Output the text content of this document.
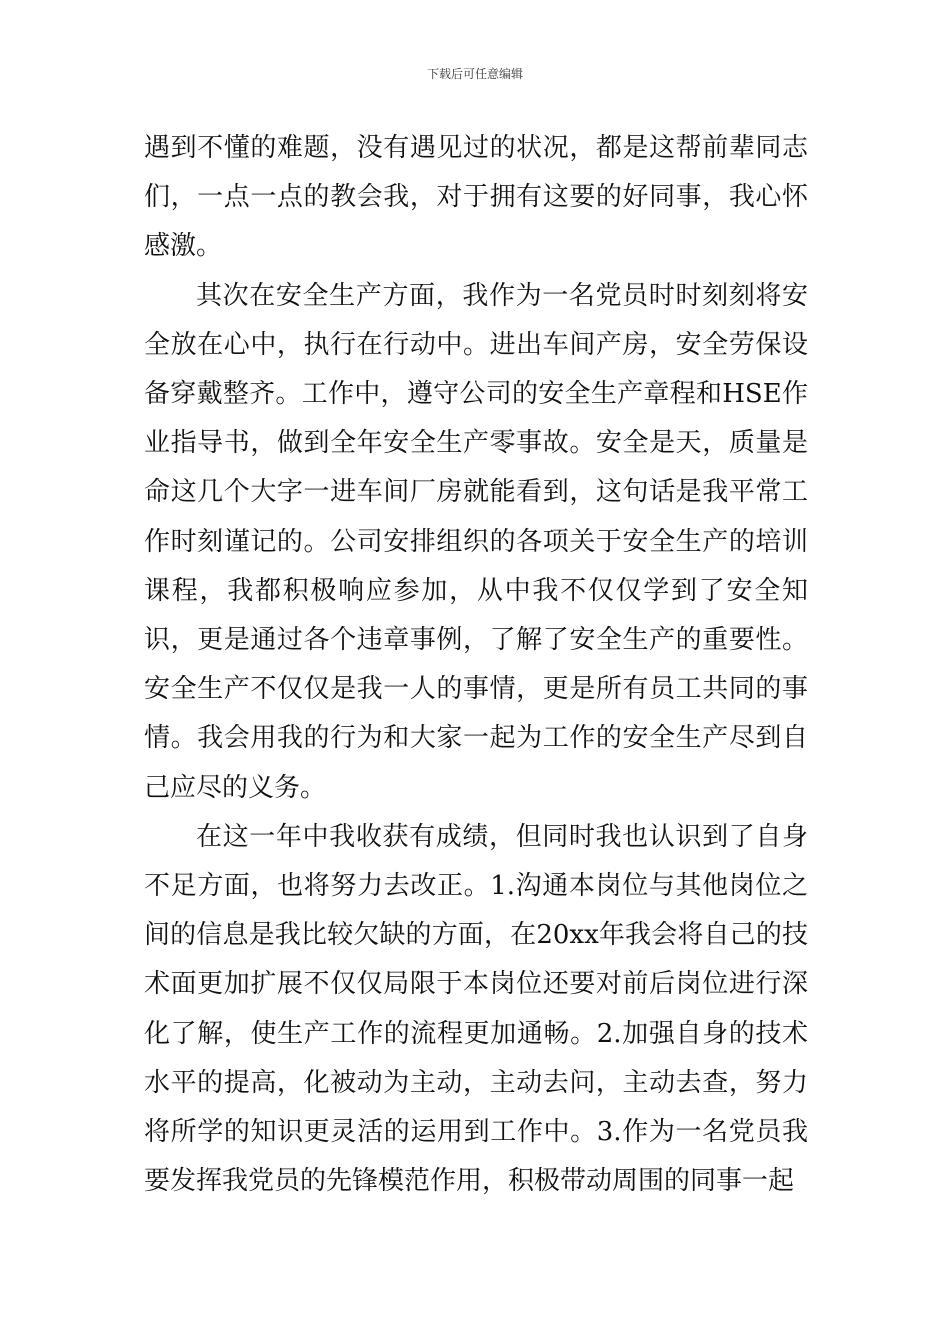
下载后可任意编辑

遇到不懂的难题，没有遇见过的状况，都是这帮前辈同志们，一点一点的教会我，对于拥有这要的好同事，我心怀感激。

其次在安全生产方面，我作为一名党员时时刻刻将安全放在心中，执行在行动中。进出车间产房，安全劳保设备穿戴整齐。工作中，遵守公司的安全生产章程和HSE作业指导书，做到全年安全生产零事故。安全是天，质量是命这几个大字一进车间厂房就能看到，这句话是我平常工作时刻谨记的。公司安排组织的各项关于安全生产的培训课程，我都积极响应参加，从中我不仅仅学到了安全知识，更是通过各个违章事例，了解了安全生产的重要性。安全生产不仅仅是我一人的事情，更是所有员工共同的事情。我会用我的行为和大家一起为工作的安全生产尽到自己应尽的义务。

在这一年中我收获有成绩，但同时我也认识到了自身不足方面，也将努力去改正。1.沟通本岗位与其他岗位之间的信息是我比较欠缺的方面，在20xx年我会将自己的技术面更加扩展不仅仅局限于本岗位还要对前后岗位进行深化了解，使生产工作的流程更加通畅。2.加强自身的技术水平的提高，化被动为主动，主动去问，主动去查，努力将所学的知识更灵活的运用到工作中。3.作为一名党员我要发挥我党员的先锋模范作用，积极带动周围的同事一起
